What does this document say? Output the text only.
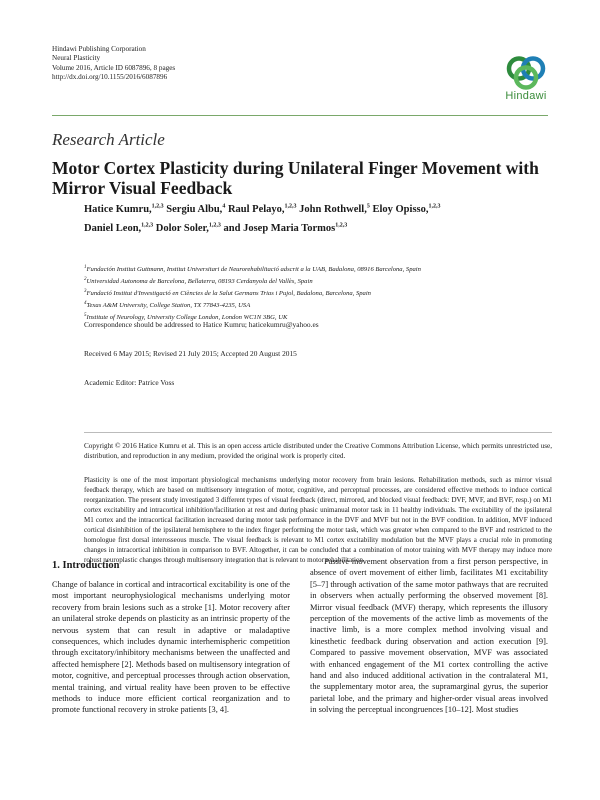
Hindawi Publishing Corporation
Neural Plasticity
Volume 2016, Article ID 6087896, 8 pages
http://dx.doi.org/10.1155/2016/6087896
Hindawi
Research Article
Motor Cortex Plasticity during Unilateral Finger Movement with Mirror Visual Feedback
Hatice Kumru,$^{1,2,3}$ Sergiu Albu,$^4$ Raul Pelayo,$^{1,2,3}$ John Rothwell,$^5$ Eloy Opisso,$^{1,2,3}$
Daniel Leon,$^{1,2,3}$ Dolor Soler,$^{1,2,3}$ and Josep Maria Tormos$^{1,2,3}$
$^1$Fundación Institut Guttmann, Institut Universitari de Neurorehabilitació adscrit a la UAB, Badalona, 08916 Barcelona, Spain
$^2$Universidad Autonoma de Barcelona, Bellaterra, 08193 Cerdanyola del Vallès, Spain
$^3$Fundació Institut d'Investigació en Ciències de la Salut Germans Trias i Pujol, Badalona, Barcelona, Spain
$^4$Texas A&M University, College Station, TX 77843-4235, USA
$^5$Institute of Neurology, University College London, London WC1N 3BG, UK
Correspondence should be addressed to Hatice Kumru; haticekumru@yahoo.es
Received 6 May 2015; Revised 21 July 2015; Accepted 20 August 2015
Academic Editor: Patrice Voss
Copyright © 2016 Hatice Kumru et al. This is an open access article distributed under the Creative Commons Attribution License, which permits unrestricted use, distribution, and reproduction in any medium, provided the original work is properly cited.
Plasticity is one of the most important physiological mechanisms underlying motor recovery from brain lesions. Rehabilitation methods, such as mirror visual feedback therapy, which are based on multisensory integration of motor, cognitive, and perceptual processes, are considered effective methods to induce cortical reorganization. The present study investigated 3 different types of visual feedback (direct, mirrored, and blocked visual feedback: DVF, MVF, and BVF, resp.) on M1 cortex excitability and intracortical inhibition/facilitation at rest and during phasic unimanual motor task in 11 healthy individuals. The excitability of the ipsilateral M1 cortex and the intracortical facilitation increased during motor task performance in the DVF and MVF but not in the BVF condition. In addition, MVF induced cortical disinhibition of the ipsilateral hemisphere to the index finger performing the motor task, which was greater when compared to the BVF and restricted to the homologue first dorsal interosseous muscle. The visual feedback is relevant to M1 cortex excitability modulation but the MVF plays a crucial role in promoting changes in intracortical inhibition in comparison to BVF. Altogether, it can be concluded that a combination of motor training with MVF therapy may induce more robust neuroplastic changes through multisensory integration that is relevant to motor rehabilitation.
1. Introduction
Change of balance in cortical and intracortical excitability is one of the most important neurophysiological mechanisms underlying motor recovery from brain lesions such as a stroke [1]. Motor recovery after an unilateral stroke depends on plasticity as an intrinsic property of the nervous system that can result in adaptive or maladaptive consequences, which includes dynamic interhemispheric competition through excitatory/inhibitory mechanisms between the unaffected and affected hemisphere [2]. Methods based on multisensory integration of motor, cognitive, and perceptual processes through action observation, mental training, and virtual reality have been proven to be effective methods to induce more efficient cortical reorganization and to promote functional recovery in stroke patients [3, 4].
Passive movement observation from a first person perspective, in absence of overt movement of either limb, facilitates M1 excitability [5–7] through activation of the same motor pathways that are recruited in observers when actually performing the observed movement [8]. Mirror visual feedback (MVF) therapy, which represents the illusory perception of the movements of the active limb as movements of the inactive limb, is a more complex method involving visual and kinesthetic feedback during observation and action execution [9]. Compared to passive movement observation, MVF was associated with enhanced engagement of the M1 cortex controlling the active hand and also induced additional activation in the contralateral M1, the supplementary motor area, the supramarginal gyrus, the superior parietal lobe, and the primary and higher-order visual areas involved in solving the perceptual incongruences [10–12]. Most studies
